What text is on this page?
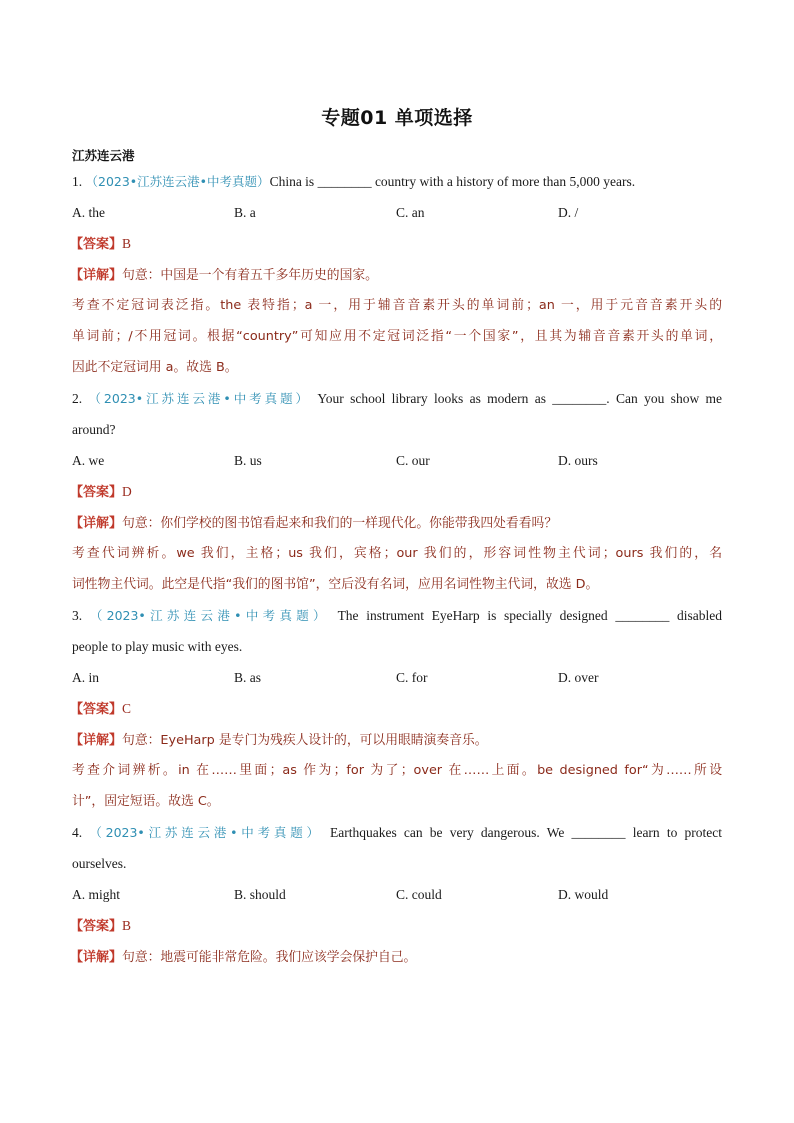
专题01 单项选择
江苏连云港
1. （2023•江苏连云港•中考真题）China is ________ country with a history of more than 5,000 years.
A. the	B. a	C. an	D. /
【答案】B
【详解】句意：中国是一个有着五千多年历史的国家。
考查不定冠词表泛指。the 表特指；a 一，用于辅音音素开头的单词前；an 一，用于元音音素开头的
单词前；/不用冠词。根据“country”可知应用不定冠词泛指“一个国家”，且其为辅音音素开头的单词，
因此不定冠词用 a。故选 B。
2. （2023•江苏连云港•中考真题） Your school library looks as modern as ________. Can you show me
around?
A. we	B. us	C. our	D. ours
【答案】D
【详解】句意：你们学校的图书馆看起来和我们的一样现代化。你能带我四处看看吗？
考查代词辨析。we 我们，主格；us 我们，宾格；our 我们的，形容词性物主代词；ours 我们的，名
词性物主代词。此空是代指“我们的图书馆”，空后没有名词，应用名词性物主代词，故选 D。
3. （2023•江苏连云港•中考真题） The instrument EyeHarp is specially designed ________ disabled
people to play music with eyes.
A. in	B. as	C. for	D. over
【答案】C
【详解】句意：EyeHarp 是专门为残疾人设计的，可以用眼睛演奏音乐。
考查介词辨析。in 在……里面；as 作为；for 为了；over 在……上面。be designed for“为……所设
计”，固定短语。故选 C。
4. （2023•江苏连云港•中考真题） Earthquakes can be very dangerous. We ________ learn to protect
ourselves.
A. might	B. should	C. could	D. would
【答案】B
【详解】句意：地震可能非常危险。我们应该学会保护自己。
